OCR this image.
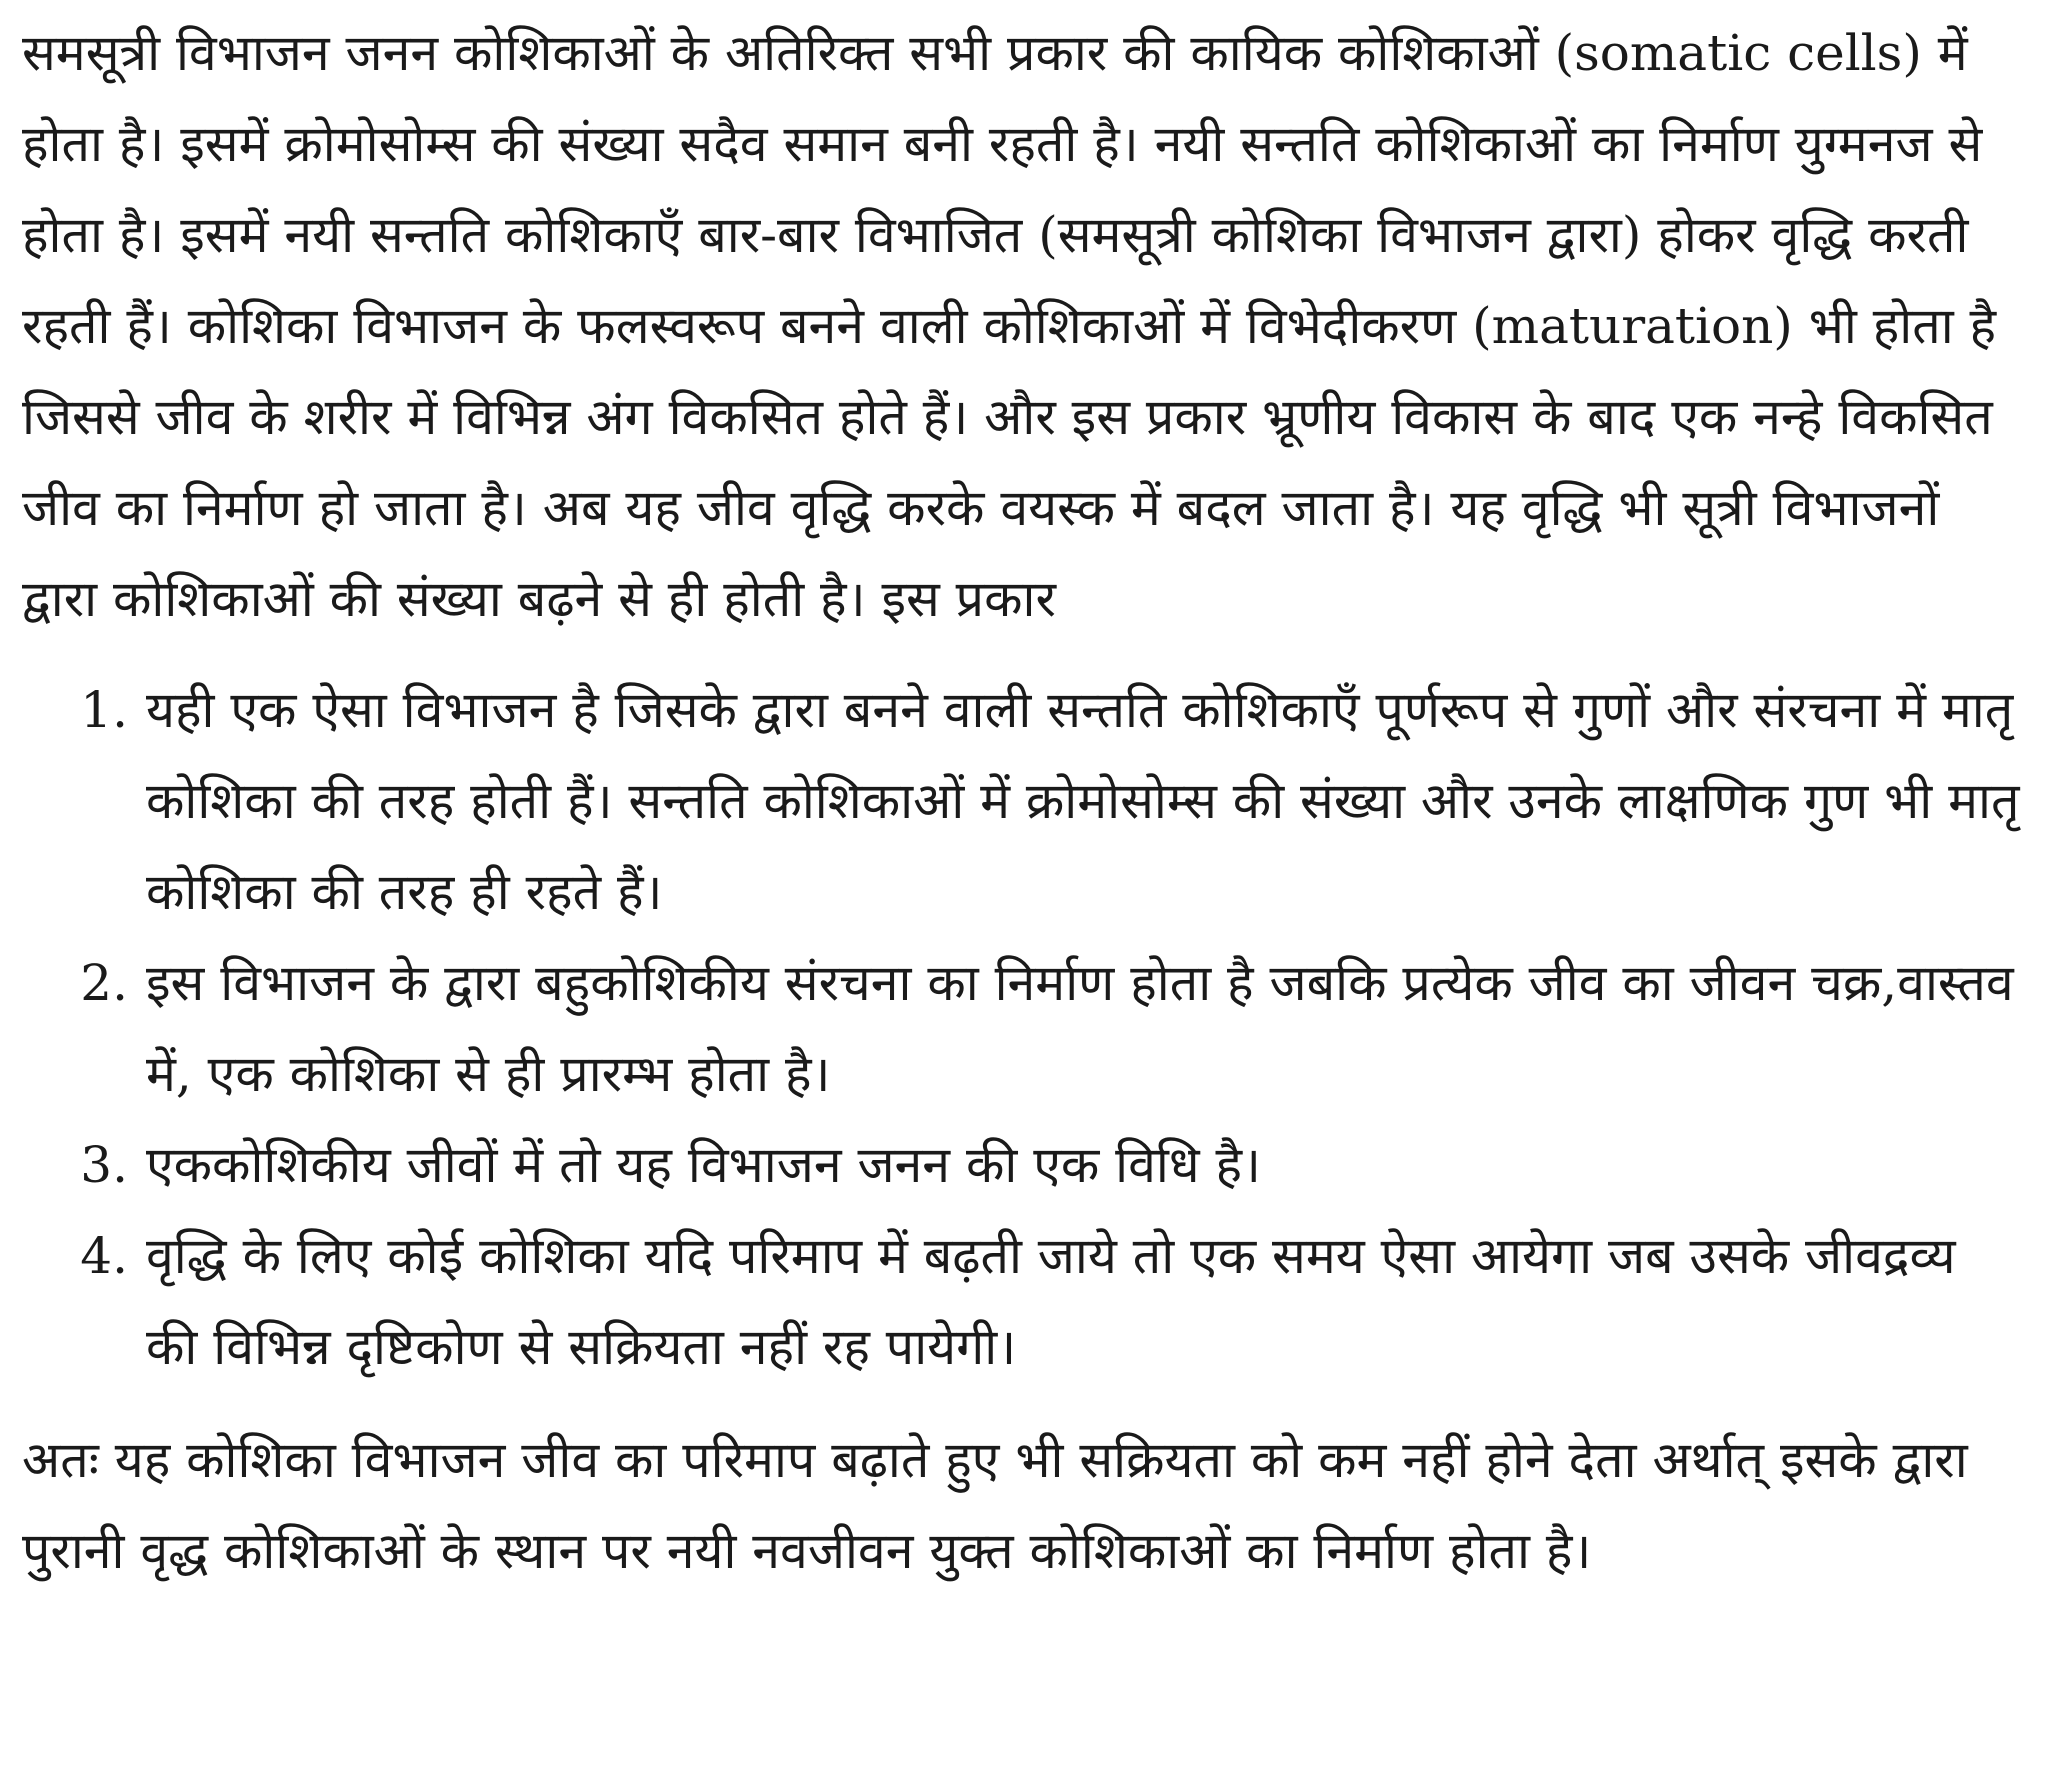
समसूत्री विभाजन जनन कोशिकाओं के अतिरिक्त सभी प्रकार की कायिक कोशिकाओं (somatic cells) में होता है। इसमें क्रोमोसोम्स की संख्या सदैव समान बनी रहती है। नयी सन्तति कोशिकाओं का निर्माण युग्मनज से होता है। इसमें नयी सन्तति कोशिकाएँ बार-बार विभाजित (समसूत्री कोशिका विभाजन द्वारा) होकर वृद्धि करती रहती हैं। कोशिका विभाजन के फलस्वरूप बनने वाली कोशिकाओं में विभेदीकरण (maturation) भी होता है जिससे जीव के शरीर में विभिन्न अंग विकसित होते हैं। और इस प्रकार भ्रूणीय विकास के बाद एक नन्हे विकसित जीव का निर्माण हो जाता है। अब यह जीव वृद्धि करके वयस्क में बदल जाता है। यह वृद्धि भी सूत्री विभाजनों द्वारा कोशिकाओं की संख्या बढ़ने से ही होती है। इस प्रकार

1. यही एक ऐसा विभाजन है जिसके द्वारा बनने वाली सन्तति कोशिकाएँ पूर्णरूप से गुणों और संरचना में मातृ कोशिका की तरह होती हैं। सन्तति कोशिकाओं में क्रोमोसोम्स की संख्या और उनके लाक्षणिक गुण भी मातृ कोशिका की तरह ही रहते हैं।
2. इस विभाजन के द्वारा बहुकोशिकीय संरचना का निर्माण होता है जबकि प्रत्येक जीव का जीवन चक्र,वास्तव में, एक कोशिका से ही प्रारम्भ होता है।
3. एककोशिकीय जीवों में तो यह विभाजन जनन की एक विधि है।
4. वृद्धि के लिए कोई कोशिका यदि परिमाप में बढ़ती जाये तो एक समय ऐसा आयेगा जब उसके जीवद्रव्य की विभिन्न दृष्टिकोण से सक्रियता नहीं रह पायेगी।

अतः यह कोशिका विभाजन जीव का परिमाप बढ़ाते हुए भी सक्रियता को कम नहीं होने देता अर्थात् इसके द्वारा पुरानी वृद्ध कोशिकाओं के स्थान पर नयी नवजीवन युक्त कोशिकाओं का निर्माण होता है।
